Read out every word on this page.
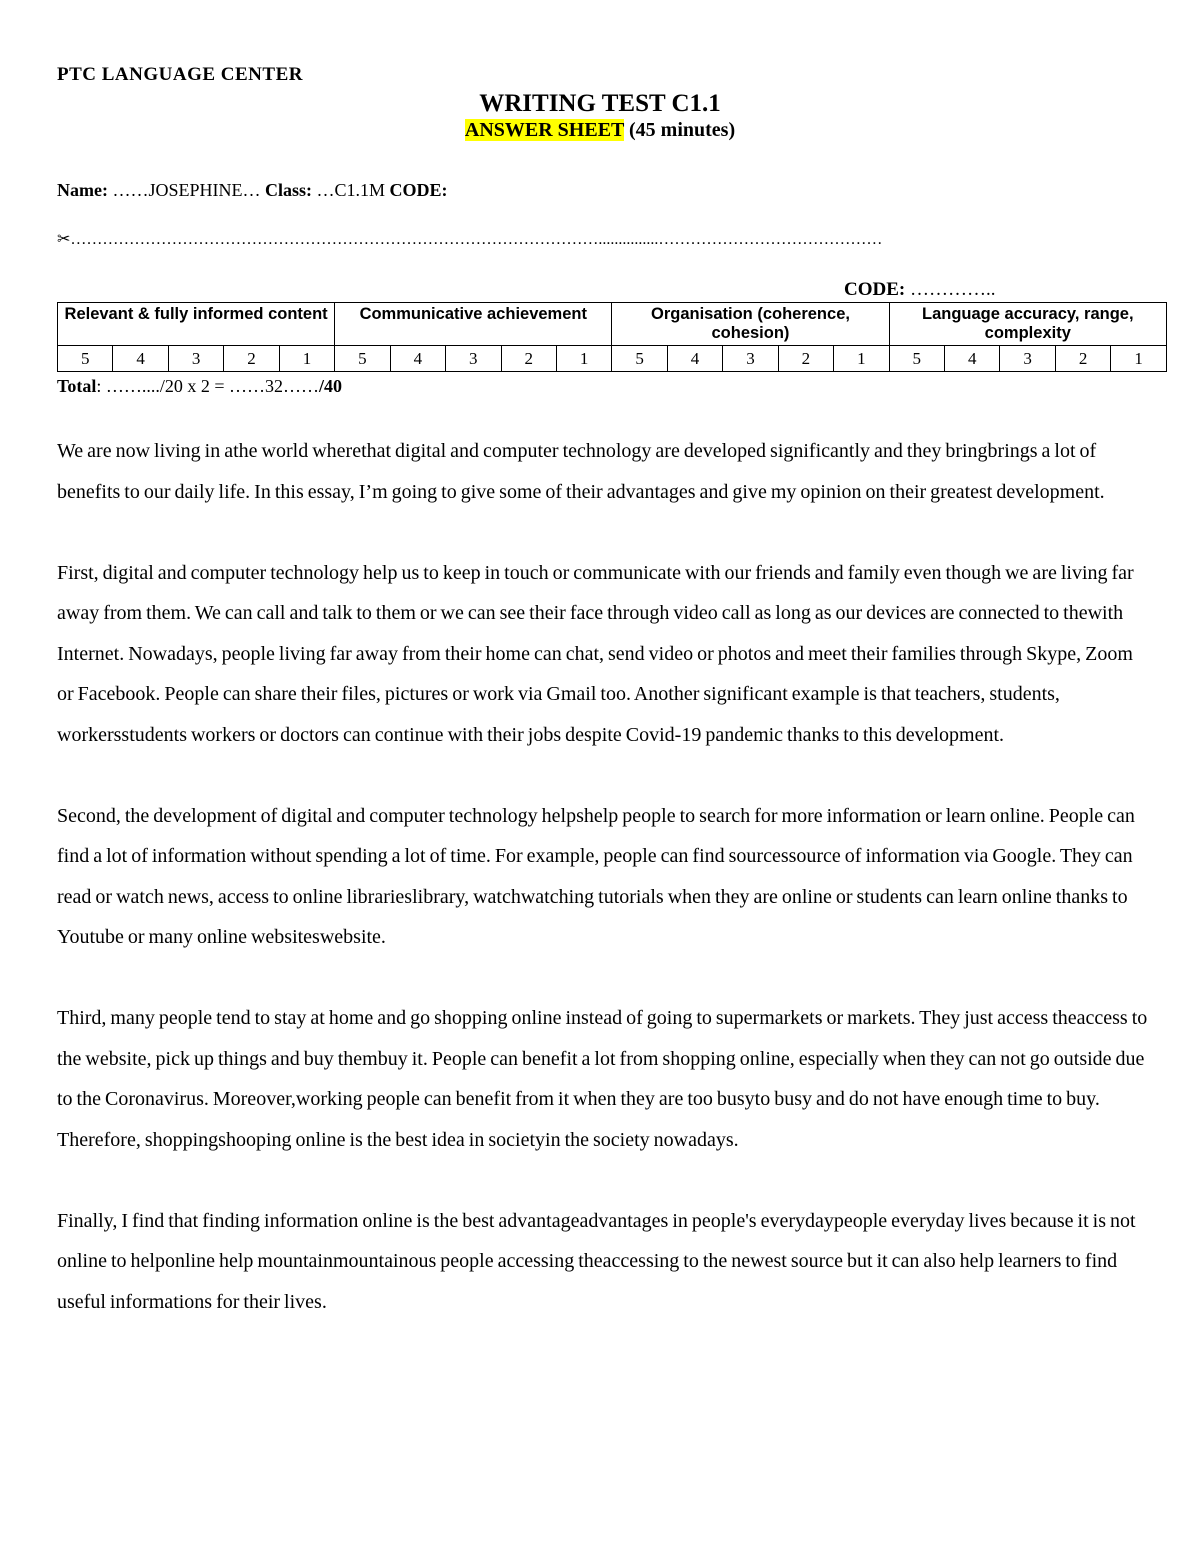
PTC LANGUAGE CENTER
WRITING TEST C1.1
ANSWER SHEET (45 minutes)
Name: ……JOSEPHINE… Class: …C1.1M CODE:
✂………………………………………………………………………………………...............……………………………………
CODE: …………..
Relevant & fully informed content					Communicative achievement					Organisation (coherence, cohesion)					Language accuracy, range, complexity				
5	4	3	2	1	5	4	3	2	1	5	4	3	2	1	5	4	3	2	1
Total: ……..../20 x 2 = ……32……/40

We are now living in athe world wherethat digital and computer technology are developed significantly and they bringbrings a lot of benefits to our daily life. In this essay, I’m going to give some of their advantages and give my opinion on their greatest development.

First, digital and computer technology help us to keep in touch or communicate with our friends and family even though we are living far away from them. We can call and talk to them or we can see their face through video call as long as our devices are connected to thewith Internet. Nowadays, people living far away from their home can chat, send video or photos and meet their families through Skype, Zoom or Facebook. People can share their files, pictures or work via Gmail too. Another significant example is that teachers, students, workersstudents workers or doctors can continue with their jobs despite Covid-19 pandemic thanks to this development.

Second, the development of digital and computer technology helpshelp people to search for more information or learn online. People can find a lot of information without spending a lot of time. For example, people can find sourcessource of information via Google. They can read or watch news, access to online librarieslibrary, watchwatching tutorials when they are online or students can learn online thanks to Youtube or many online websiteswebsite.

Third, many people tend to stay at home and go shopping online instead of going to supermarkets or markets. They just access theaccess to the website, pick up things and buy thembuy it. People can benefit a lot from shopping online, especially when they can not go outside due to the Coronavirus. Moreover,working people can benefit from it when they are too busyto busy and do not have enough time to buy. Therefore, shoppingshooping online is the best idea in societyin the society nowadays.

Finally, I find that finding information online is the best advantageadvantages in people's everydaypeople everyday lives because it is not online to helponline help mountainmountainous people accessing theaccessing to the newest source but it can also help learners to find useful informations for their lives.
